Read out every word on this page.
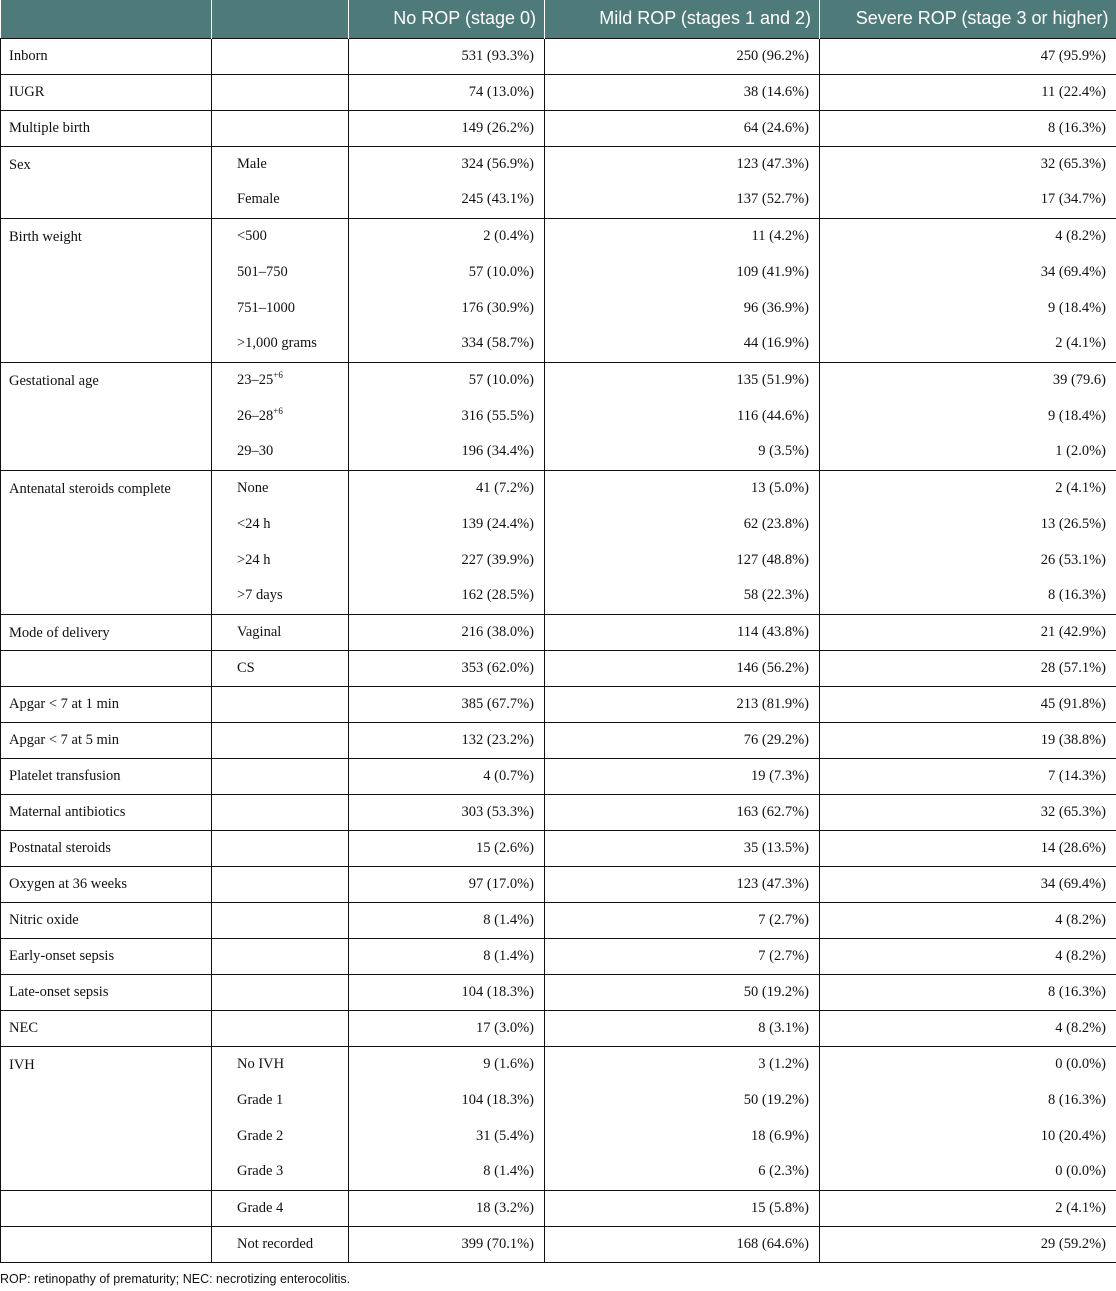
		No ROP (stage 0)	Mild ROP (stages 1 and 2)	Severe ROP (stage 3 or higher)
Inborn		531 (93.3%)	250 (96.2%)	47 (95.9%)
IUGR		74 (13.0%)	38 (14.6%)	11 (22.4%)
Multiple birth		149 (26.2%)	64 (24.6%)	8 (16.3%)
Sex	Male	324 (56.9%)	123 (47.3%)	32 (65.3%)
	Female	245 (43.1%)	137 (52.7%)	17 (34.7%)
Birth weight	<500	2 (0.4%)	11 (4.2%)	4 (8.2%)
	501–750	57 (10.0%)	109 (41.9%)	34 (69.4%)
	751–1000	176 (30.9%)	96 (36.9%)	9 (18.4%)
	>1,000 grams	334 (58.7%)	44 (16.9%)	2 (4.1%)
Gestational age	$23-25^{+6}$	57 (10.0%)	135 (51.9%)	39 (79.6)
	$26-28^{+6}$	316 (55.5%)	116 (44.6%)	9 (18.4%)
	29–30	196 (34.4%)	9 (3.5%)	1 (2.0%)
Antenatal steroids complete	None	41 (7.2%)	13 (5.0%)	2 (4.1%)
	<24 h	139 (24.4%)	62 (23.8%)	13 (26.5%)
	>24 h	227 (39.9%)	127 (48.8%)	26 (53.1%)
	>7 days	162 (28.5%)	58 (22.3%)	8 (16.3%)
Mode of delivery	Vaginal	216 (38.0%)	114 (43.8%)	21 (42.9%)
	CS	353 (62.0%)	146 (56.2%)	28 (57.1%)
Apgar < 7 at 1 min		385 (67.7%)	213 (81.9%)	45 (91.8%)
Apgar < 7 at 5 min		132 (23.2%)	76 (29.2%)	19 (38.8%)
Platelet transfusion		4 (0.7%)	19 (7.3%)	7 (14.3%)
Maternal antibiotics		303 (53.3%)	163 (62.7%)	32 (65.3%)
Postnatal steroids		15 (2.6%)	35 (13.5%)	14 (28.6%)
Oxygen at 36 weeks		97 (17.0%)	123 (47.3%)	34 (69.4%)
Nitric oxide		8 (1.4%)	7 (2.7%)	4 (8.2%)
Early-onset sepsis		8 (1.4%)	7 (2.7%)	4 (8.2%)
Late-onset sepsis		104 (18.3%)	50 (19.2%)	8 (16.3%)
NEC		17 (3.0%)	8 (3.1%)	4 (8.2%)
IVH	No IVH	9 (1.6%)	3 (1.2%)	0 (0.0%)
	Grade 1	104 (18.3%)	50 (19.2%)	8 (16.3%)
	Grade 2	31 (5.4%)	18 (6.9%)	10 (20.4%)
	Grade 3	8 (1.4%)	6 (2.3%)	0 (0.0%)
	Grade 4	18 (3.2%)	15 (5.8%)	2 (4.1%)
	Not recorded	399 (70.1%)	168 (64.6%)	29 (59.2%)
ROP: retinopathy of prematurity; NEC: necrotizing enterocolitis.
